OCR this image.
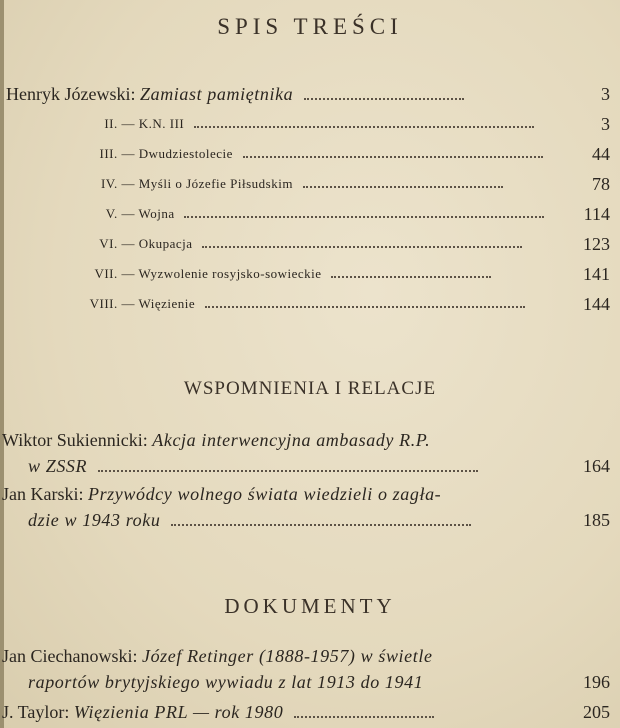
SPIS TREŚCI
Henryk Józewski: Zamiast pamiętnika	3
II. — K.N. III	3
III. — Dwudziestolecie	44
IV. — Myśli o Józefie Piłsudskim	78
V. — Wojna	114
VI. — Okupacja	123
VII. — Wyzwolenie rosyjsko-sowieckie	141
VIII. — Więzienie	144
WSPOMNIENIA I RELACJE
Wiktor Sukiennicki: Akcja interwencyjna ambasady R.P.
w ZSSR	164
Jan Karski: Przywódcy wolnego świata wiedzieli o zagła-
dzie w 1943 roku	185
DOKUMENTY
Jan Ciechanowski: Józef Retinger (1888-1957) w świetle
raportów brytyjskiego wywiadu z lat 1913 do 1941	196
J. Taylor: Więzienia PRL — rok 1980	205
